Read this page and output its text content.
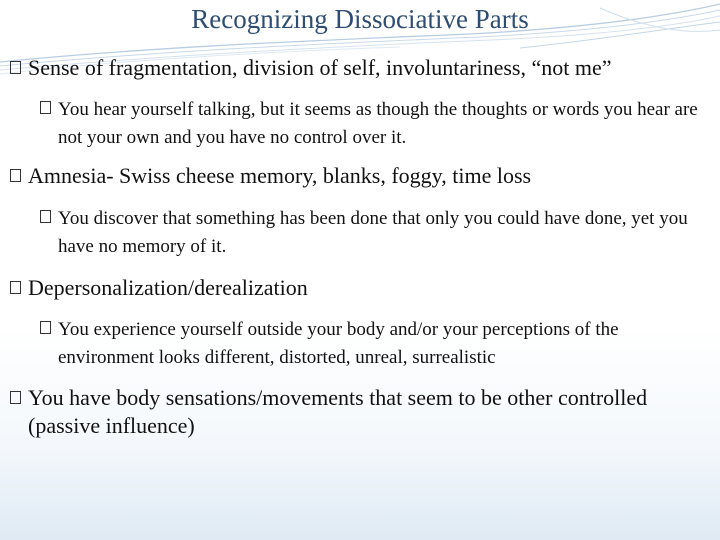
Recognizing Dissociative Parts

Sense of fragmentation, division of self, involuntariness, “not me”

You hear yourself talking, but it seems as though the thoughts or words you hear are not your own and you have no control over it.

Amnesia- Swiss cheese memory, blanks, foggy, time loss

You discover that something has been done that only you could have done, yet you have no memory of it.

Depersonalization/derealization

You experience yourself outside your body and/or your perceptions of the environment looks different, distorted, unreal, surrealistic

You have body sensations/movements that seem to be other controlled (passive influence)
